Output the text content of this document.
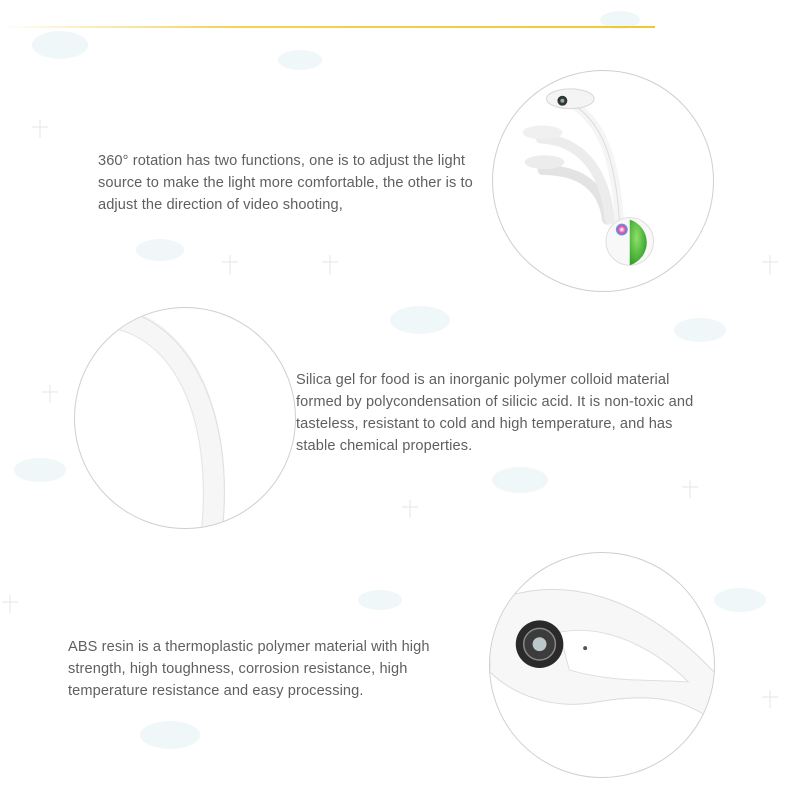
360° rotation has two functions, one is to adjust the light source to make the light more comfortable, the other is to adjust the direction of video shooting,
Silica gel for food is an inorganic polymer colloid material formed by polycondensation of silicic acid. It is non-toxic and tasteless, resistant to cold and high temperature, and has stable chemical properties.
ABS resin is a thermoplastic polymer material with high strength, high toughness, corrosion resistance, high temperature resistance and easy processing.
